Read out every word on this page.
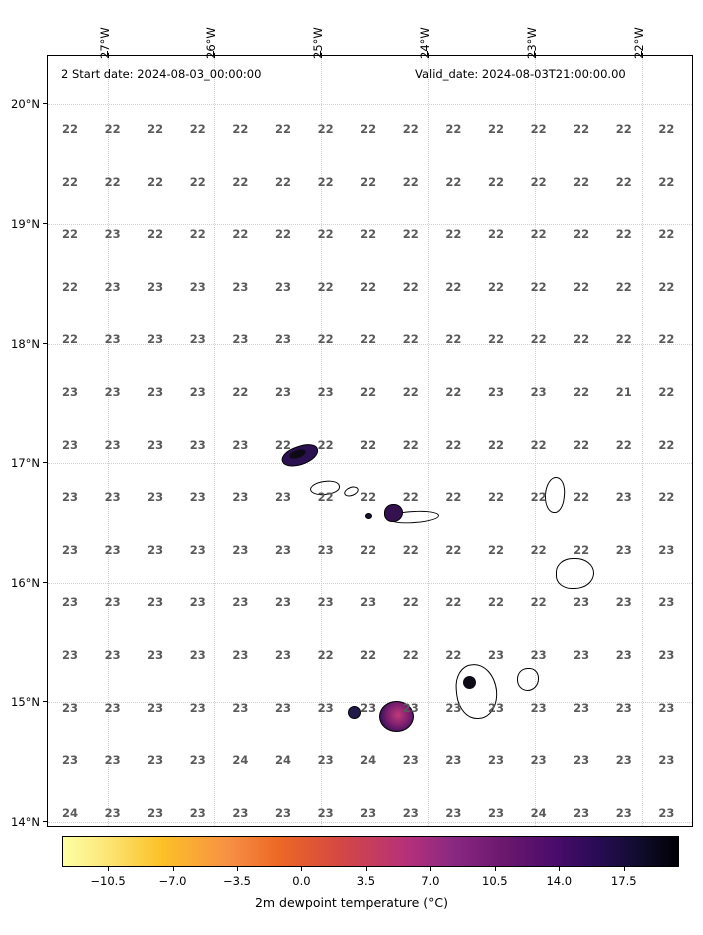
2 Start date: 2024-08-03_00:00:00	Valid_date: 2024-08-03T21:00:00.00
22 22 22 22 22 22 22 22 22 22 22 22 22 22 22
22 22 22 22 22 22 22 22 22 22 22 22 22 22 22
22 23 22 22 22 22 22 22 22 22 22 22 22 22 22
22 23 23 23 23 23 22 22 22 22 22 22 22 22 22
22 23 23 23 23 23 22 22 22 22 22 22 22 22 22
23 23 23 23 22 23 23 22 22 22 23 23 22 21 22
23 23 23 23 23 22 22 22 22 22 22 22 22 22 22
23 23 23 23 23 23 22 22 22 22 22 22 22 23 22
23 23 23 23 23 23 23 22 22 22 22 22 22 23 23
23 23 23 23 23 23 23 23 22 22 22 22 23 23 23
23 23 23 23 23 23 22 22 22 22 23 23 23 23 23
23 23 23 23 23 23 23 23 23 23 23 23 23 23 23
23 23 23 23 24 24 23 24 23 23 23 23 23 23 23
24 23 23 23 23 23 23 23 23 23 23 24 23 23 23
27°W	26°W	25°W	24°W	23°W	22°W
20°N
19°N
18°N
17°N
16°N
15°N
14°N
−10.5	−7.0	−3.5	0.0	3.5	7.0	10.5	14.0	17.5
2m dewpoint temperature (°C)
